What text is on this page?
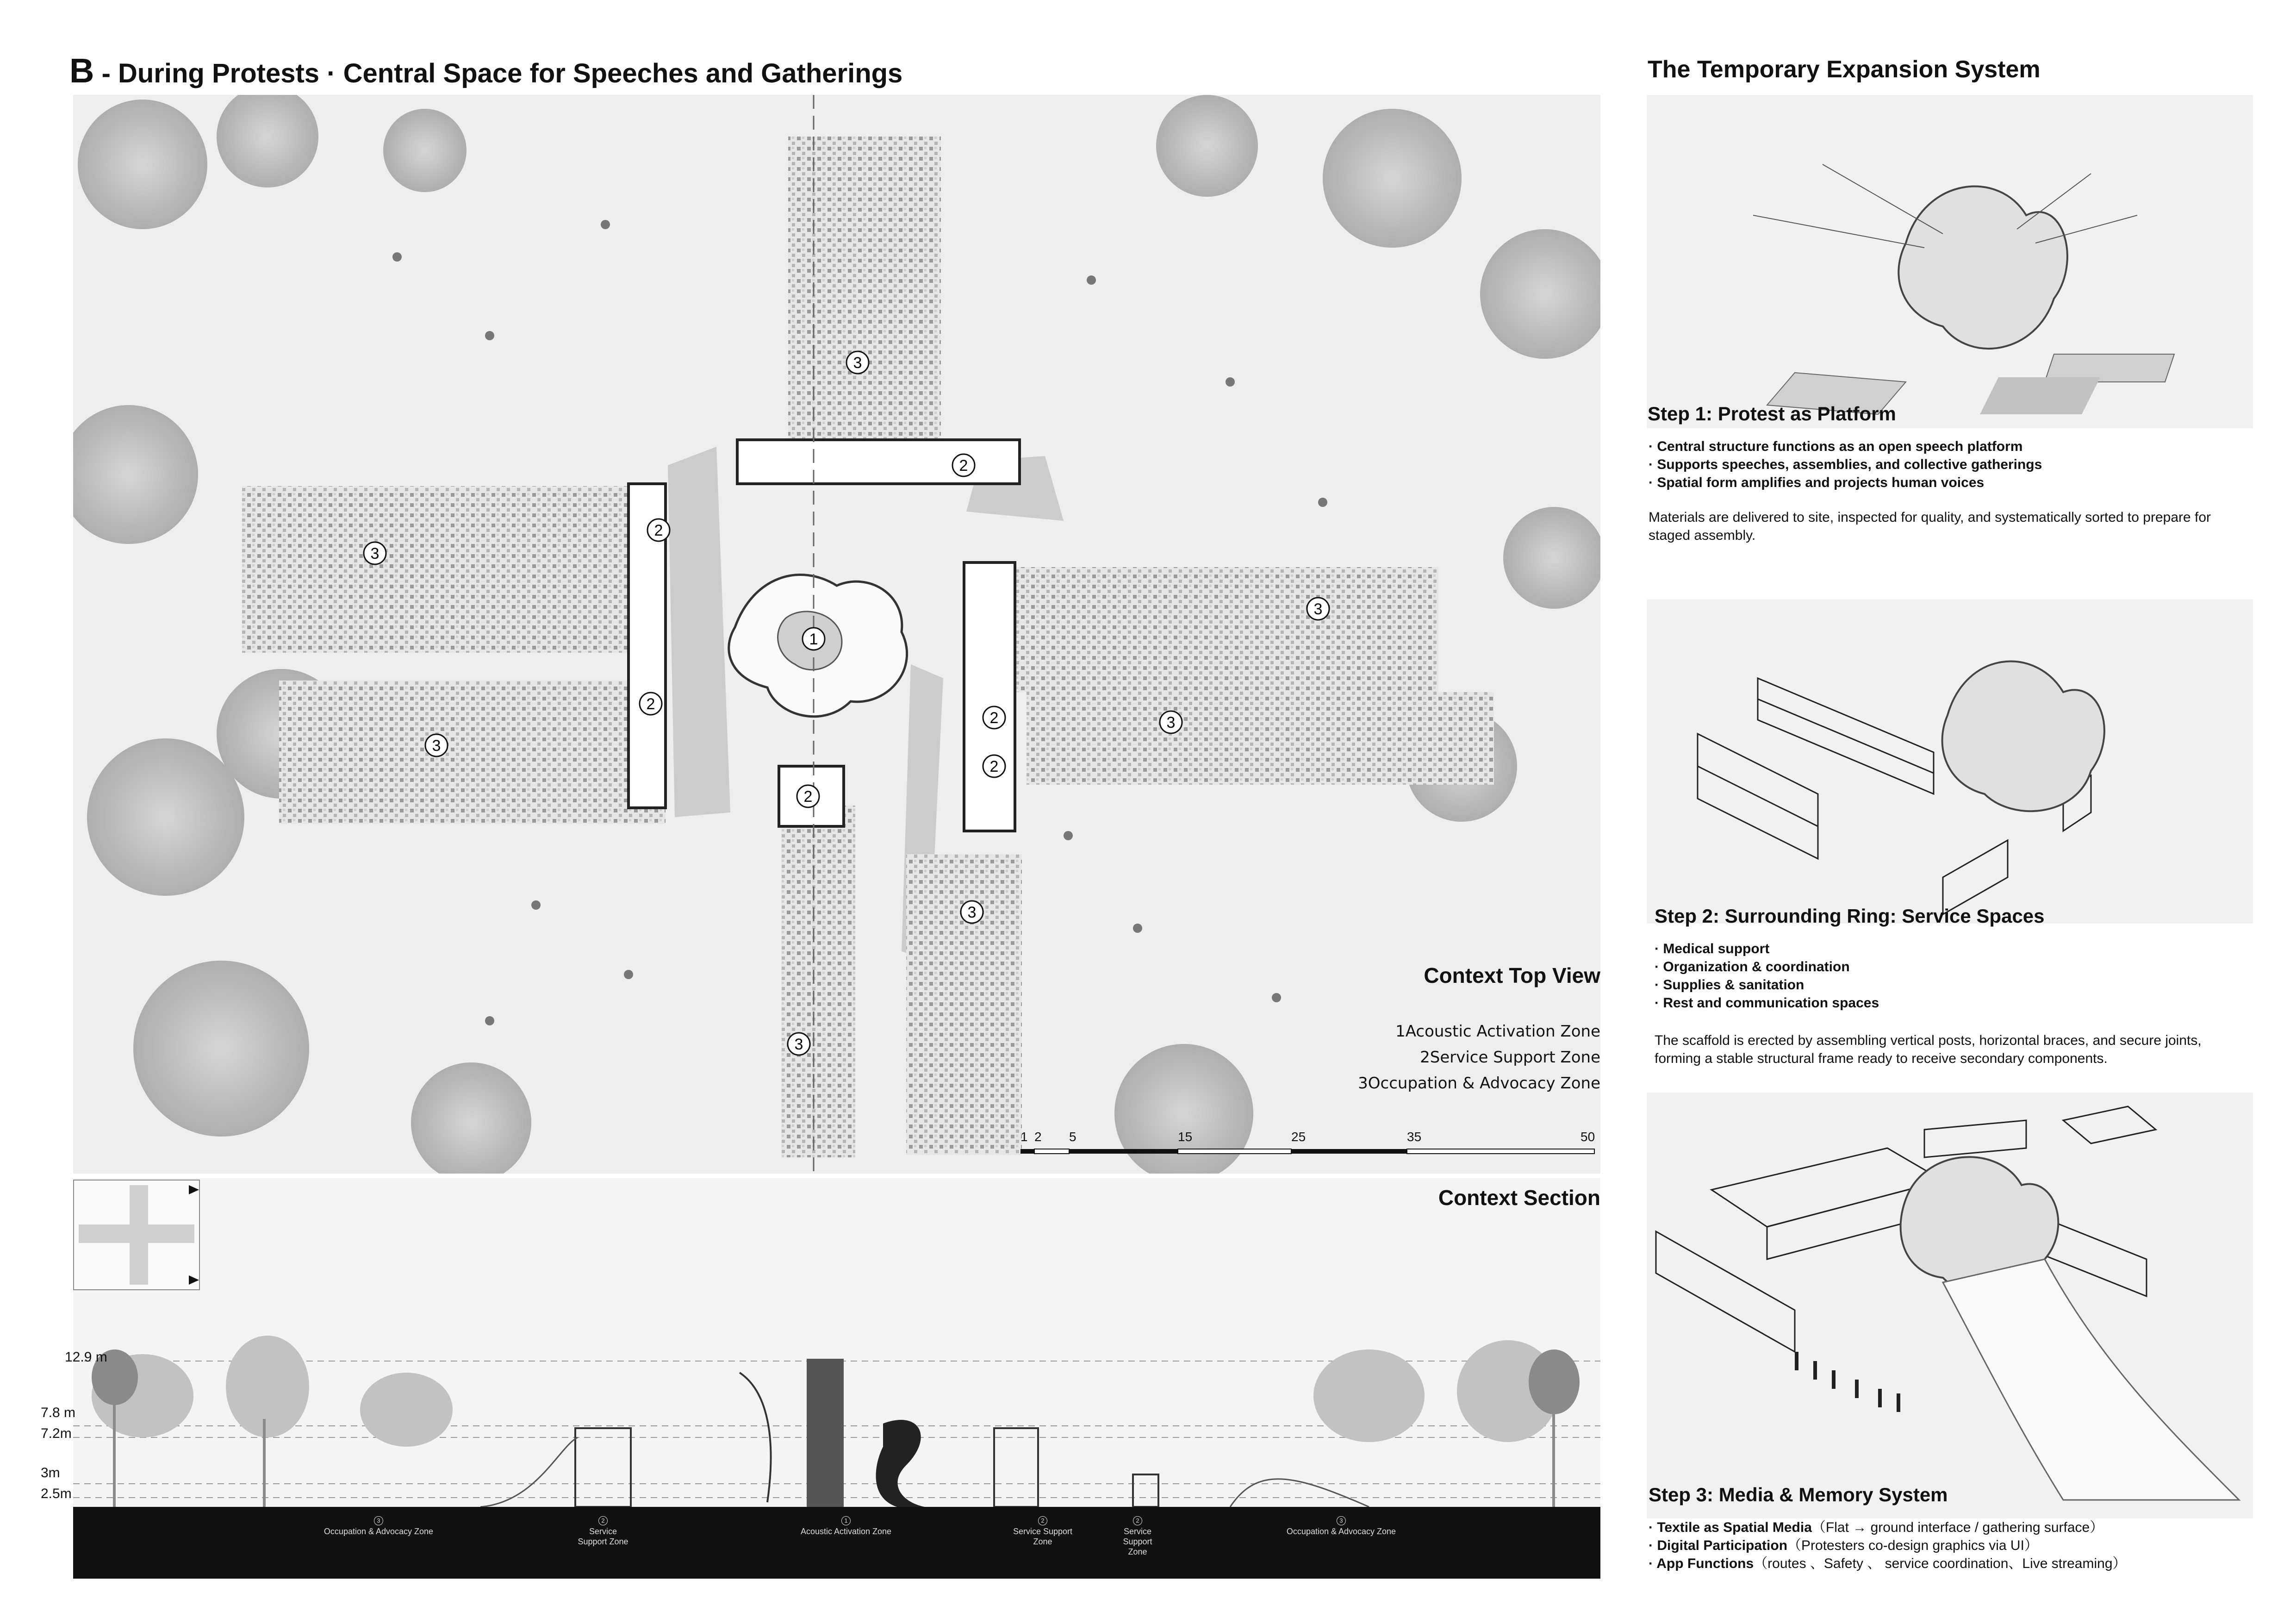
B - During Protests · Central Space for Speeches and Gatherings	The Temporary Expansion System
1
2
2
2
2
2
2
3
3
3
3
3
3
3
Context Top View
1Acoustic Activation Zone
2Service Support Zone
3Occupation & Advocacy Zone
1 2 5	15	25	35	50
3
Occupation & Advocacy Zone
2
Service Support Zone
1
Acoustic Activation Zone
2
Service Support Zone
2
Service Support Zone
3
Occupation & Advocacy Zone
Context Section
12.9 m
7.8 m
7.2m
3m
2.5m
Step 1: Protest as Platform
· Central structure functions as an open speech platform
· Supports speeches, assemblies, and collective gatherings
· Spatial form amplifies and projects human voices
Materials are delivered to site, inspected for quality, and systematically sorted to prepare for staged assembly.
Step 2: Surrounding Ring: Service Spaces
· Medical support
· Organization & coordination
· Supplies & sanitation
· Rest and communication spaces
The scaffold is erected by assembling vertical posts, horizontal braces, and secure joints, forming a stable structural frame ready to receive secondary components.
Step 3: Media & Memory System
· Textile as Spatial Media（Flat → ground interface / gathering surface）
· Digital Participation（Protesters co-design graphics via UI）
· App Functions（routes 、Safety 、 service coordination、Live streaming）
